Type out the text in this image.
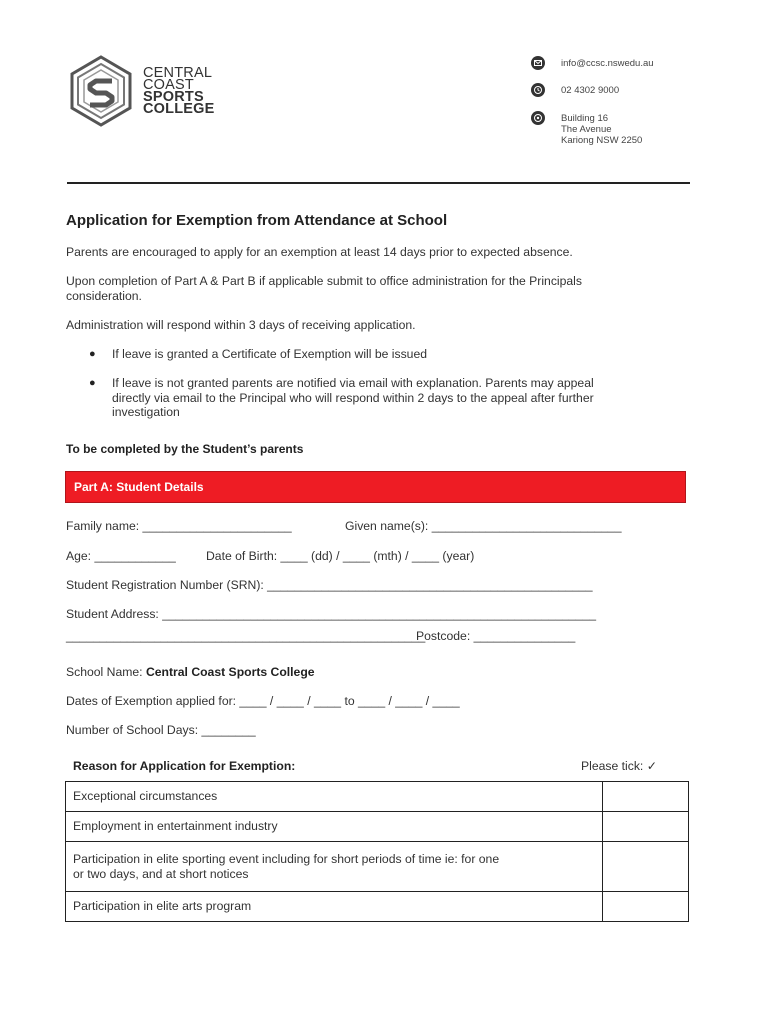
CENTRAL
COAST
SPORTS
COLLEGE
info@ccsc.nswedu.au
02 4302 9000
Building 16
The Avenue
Kariong NSW 2250
Application for Exemption from Attendance at School
Parents are encouraged to apply for an exemption at least 14 days prior to expected absence.
Upon completion of Part A & Part B if applicable submit to office administration for the Principals
consideration.
Administration will respond within 3 days of receiving application.
● If leave is granted a Certificate of Exemption will be issued
● If leave is not granted parents are notified via email with explanation. Parents may appeal
directly via email to the Principal who will respond within 2 days to the appeal after further
investigation
To be completed by the Student’s parents
Part A: Student Details
Family name: ______________________	Given name(s): ____________________________
Age: ____________ Date of Birth: ____ (dd) / ____ (mth) / ____ (year)
Student Registration Number (SRN): ________________________________________________
Student Address: ________________________________________________________________
_____________________________________________________
Postcode: _______________
School Name: Central Coast Sports College
Dates of Exemption applied for: ____ / ____ / ____ to ____ / ____ / ____
Number of School Days: ________
Reason for Application for Exemption:	Please tick: ✓
Exceptional circumstances	
Employment in entertainment industry	

Participation in elite sporting event including for short periods of time ie: for one
or two days, and at short notices	

Participation in elite arts program	
